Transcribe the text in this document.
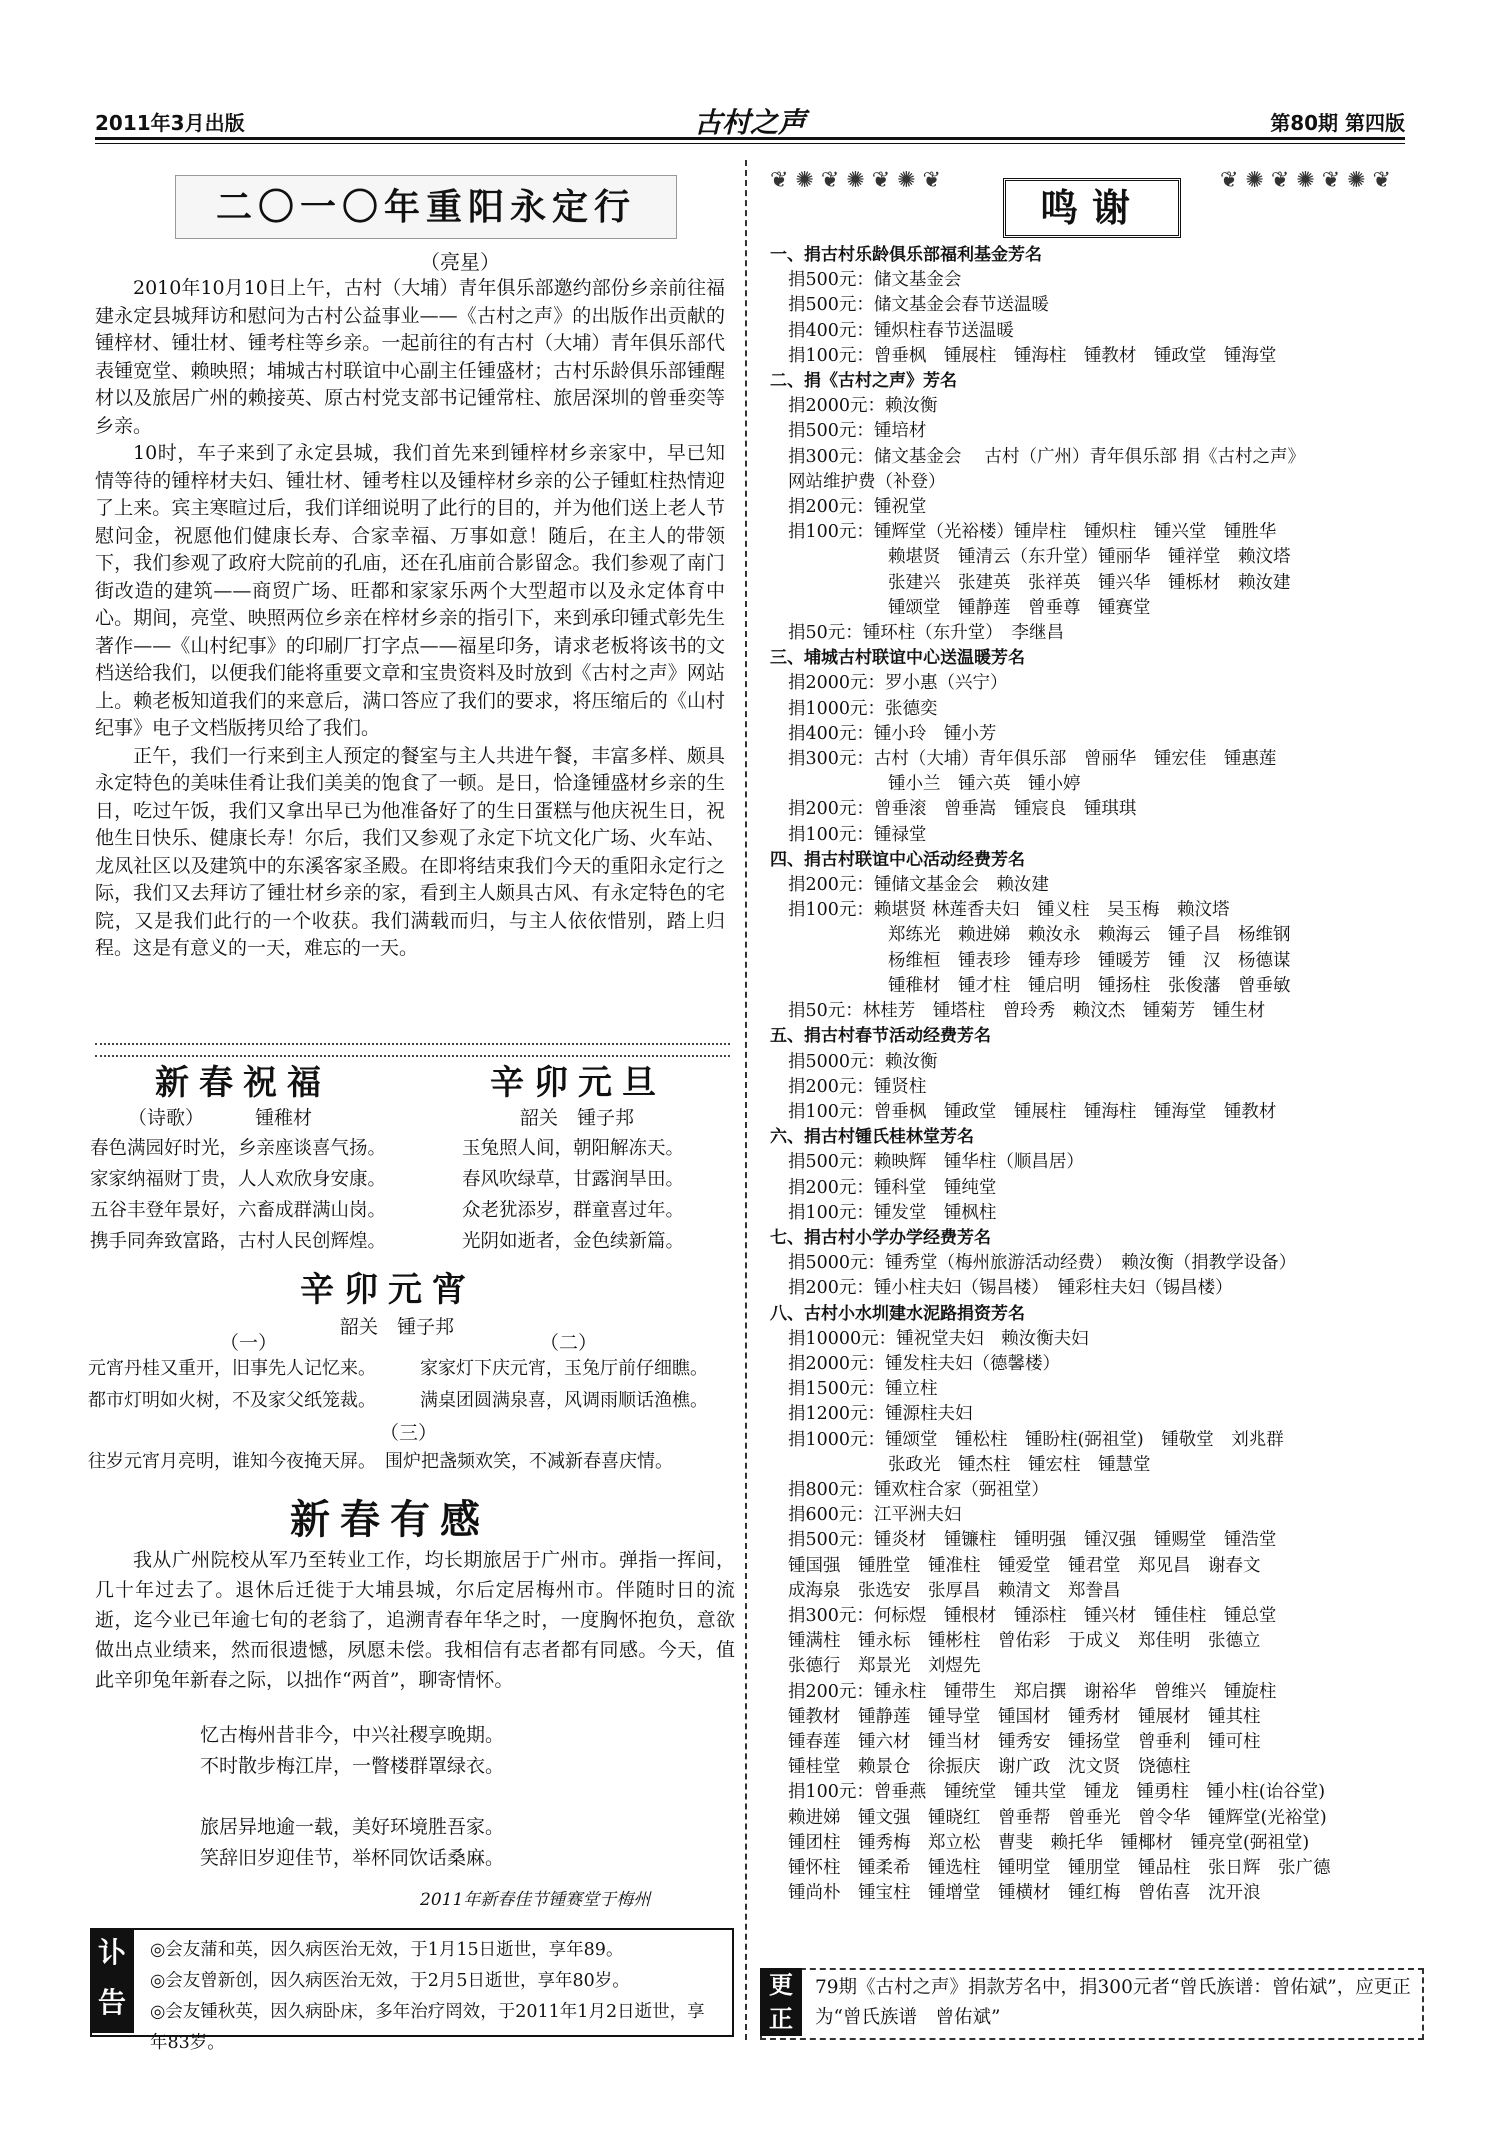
2011年3月出版	古村之声	第80期 第四版
二〇一〇年重阳永定行
（亮星）

2010年10月10日上午，古村（大埔）青年俱乐部邀约部份乡亲前往福建永定县城拜访和慰问为古村公益事业——《古村之声》的出版作出贡献的锺梓材、锺壮材、锺考柱等乡亲。一起前往的有古村（大埔）青年俱乐部代表锺宽堂、赖映照；埔城古村联谊中心副主任锺盛材；古村乐龄俱乐部锺醒材以及旅居广州的赖接英、原古村党支部书记锺常柱、旅居深圳的曾垂奕等乡亲。

10时，车子来到了永定县城，我们首先来到锺梓材乡亲家中，早已知情等待的锺梓材夫妇、锺壮材、锺考柱以及锺梓材乡亲的公子锺虹柱热情迎了上来。宾主寒暄过后，我们详细说明了此行的目的，并为他们送上老人节慰问金，祝愿他们健康长寿、合家幸福、万事如意！随后，在主人的带领下，我们参观了政府大院前的孔庙，还在孔庙前合影留念。我们参观了南门街改造的建筑——商贸广场、旺都和家家乐两个大型超市以及永定体育中心。期间，亮堂、映照两位乡亲在梓材乡亲的指引下，来到承印锺式彰先生著作——《山村纪事》的印刷厂打字点——福星印务，请求老板将该书的文档送给我们，以便我们能将重要文章和宝贵资料及时放到《古村之声》网站上。赖老板知道我们的来意后，满口答应了我们的要求，将压缩后的《山村纪事》电子文档版拷贝给了我们。

正午，我们一行来到主人预定的餐室与主人共进午餐，丰富多样、颇具永定特色的美味佳肴让我们美美的饱食了一顿。是日，恰逢锺盛材乡亲的生日，吃过午饭，我们又拿出早已为他准备好了的生日蛋糕与他庆祝生日，祝他生日快乐、健康长寿！尔后，我们又参观了永定下坑文化广场、火车站、龙凤社区以及建筑中的东溪客家圣殿。在即将结束我们今天的重阳永定行之际，我们又去拜访了锺壮材乡亲的家，看到主人颇具古风、有永定特色的宅院，又是我们此行的一个收获。我们满载而归，与主人依依惜别，踏上归程。这是有意义的一天，难忘的一天。

新春祝福	辛卯元旦
（诗歌）	锺稚材	韶关　锺子邦
春色满园好时光，乡亲座谈喜气扬。
家家纳福财丁贵，人人欢欣身安康。
五谷丰登年景好，六畜成群满山岗。
携手同奔致富路，古村人民创辉煌。
玉兔照人间，朝阳解冻天。
春风吹绿草，甘露润旱田。
众老犹添岁，群童喜过年。
光阴如逝者，金色续新篇。
辛卯元宵
韶关　锺子邦
（一）	（二）
元宵丹桂又重开，旧事先人记忆来。 家家灯下庆元宵，玉兔厅前仔细瞧。
都市灯明如火树，不及家父纸笼裁。 满桌团圆满泉喜，风调雨顺话渔樵。
（三）
往岁元宵月亮明，谁知今夜掩天屏。　围炉把盏频欢笑，不减新春喜庆情。
新春有感

我从广州院校从军乃至转业工作，均长期旅居于广州市。弹指一挥间，几十年过去了。退休后迁徙于大埔县城，尔后定居梅州市。伴随时日的流逝，迄今业已年逾七旬的老翁了，追溯青春年华之时，一度胸怀抱负，意欲做出点业绩来，然而很遗憾，夙愿未偿。我相信有志者都有同感。今天，值此辛卯兔年新春之际，以拙作“两首”，聊寄情怀。

忆古梅州昔非今，中兴社稷享晚期。
不时散步梅江岸，一瞥楼群罩绿衣。
旅居异地逾一载，美好环境胜吾家。
笑辞旧岁迎佳节，举杯同饮话桑麻。
2011年新春佳节锺赛堂于梅州
讣告
◎会友蒲和英，因久病医治无效，于1月15日逝世，享年89。
◎会友曾新创，因久病医治无效，于2月5日逝世，享年80岁。
◎会友锺秋英，因久病卧床，多年治疗罔效，于2011年1月2日逝世，享年83岁。
❦ ✺ ❦ ✺ ❦ ✺ ❦	❦ ✺ ❦ ✺ ❦ ✺ ❦
鸣谢
一、捐古村乐龄俱乐部福利基金芳名
捐500元：储文基金会
捐500元：储文基金会春节送温暖
捐400元：锺炽柱春节送温暖
捐100元：曾垂枫　锺展柱　锺海柱　锺教材　锺政堂　锺海堂
二、捐《古村之声》芳名
捐2000元：赖汝衡
捐500元：锺培材
捐300元：储文基金会　 古村（广州）青年俱乐部 捐《古村之声》
网站维护费（补登）
捐200元：锺祝堂
捐100元：锺辉堂（光裕楼）锺岸柱　锺炽柱　锺兴堂　锺胜华
赖堪贤　锺清云（东升堂）锺丽华　锺祥堂　赖汶塔
张建兴　张建英　张祥英　锺兴华　锺栎材　赖汝建
锺颂堂　锺静莲　曾垂尊　锺赛堂
捐50元：锺环柱（东升堂）　李继昌
三、埔城古村联谊中心送温暖芳名
捐2000元：罗小惠（兴宁）
捐1000元：张德奕
捐400元：锺小玲　锺小芳
捐300元：古村（大埔）青年俱乐部　曾丽华　锺宏佳　锺惠莲
锺小兰　锺六英　锺小婷
捐200元：曾垂滚　曾垂嵩　锺宸良　锺琪琪
捐100元：锺禄堂
四、捐古村联谊中心活动经费芳名
捐200元：锺储文基金会　赖汝建
捐100元：赖堪贤 林莲香夫妇　锺义柱　吴玉梅　赖汶塔
郑练光　赖进娣　赖汝永　赖海云　锺子昌　杨维钢
杨维桓　锺表珍　锺寿珍　锺暖芳　锺　汉　杨德谋
锺稚材　锺才柱　锺启明　锺扬柱　张俊藩　曾垂敏
捐50元：林桂芳　锺塔柱　曾玲秀　赖汶杰　锺菊芳　锺生材
五、捐古村春节活动经费芳名
捐5000元：赖汝衡
捐200元：锺贤柱
捐100元：曾垂枫　锺政堂　锺展柱　锺海柱　锺海堂　锺教材
六、捐古村锺氏桂林堂芳名
捐500元：赖映辉　锺华柱（顺昌居）
捐200元：锺科堂　锺纯堂
捐100元：锺发堂　锺枫柱
七、捐古村小学办学经费芳名
捐5000元：锺秀堂（梅州旅游活动经费）　赖汝衡（捐教学设备）
捐200元：锺小柱夫妇（锡昌楼）　锺彩柱夫妇（锡昌楼）
八、古村小水圳建水泥路捐资芳名
捐10000元：锺祝堂夫妇　赖汝衡夫妇
捐2000元：锺发柱夫妇（德馨楼）
捐1500元：锺立柱
捐1200元：锺源柱夫妇
捐1000元：锺颂堂　锺松柱　锺盼柱(弼祖堂)　锺敬堂　刘兆群
张政光　锺杰柱　锺宏柱　锺慧堂
捐800元：锺欢柱合家（弼祖堂）
捐600元：江平洲夫妇
捐500元：锺炎材　锺镰柱　锺明强　锺汉强　锺赐堂　锺浩堂
锺国强　锺胜堂　锺准柱　锺爱堂　锺君堂　郑见昌　谢春文
成海泉　张选安　张厚昌　赖清文　郑誊昌
捐300元：何标煜　锺根材　锺添柱　锺兴材　锺佳柱　锺总堂
锺满柱　锺永标　锺彬柱　曾佑彩　于成义　郑佳明　张德立
张德行　郑景光　刘煜先
捐200元：锺永柱　锺带生　郑启撰　谢裕华　曾维兴　锺旋柱
锺教材　锺静莲　锺导堂　锺国材　锺秀材　锺展材　锺其柱
锺春莲　锺六材　锺当材　锺秀安　锺扬堂　曾垂利　锺可柱
锺桂堂　赖景仓　徐振庆　谢广政　沈文贤　饶德柱
捐100元：曾垂燕　锺统堂　锺共堂　锺龙　锺勇柱　锺小柱(诒谷堂)
赖进娣　锺文强　锺晓红　曾垂帮　曾垂光　曾令华　锺辉堂(光裕堂)
锺团柱　锺秀梅　郑立松　曹斐　赖托华　锺椰材　锺亮堂(弼祖堂)
锺怀柱　锺柔希　锺选柱　锺明堂　锺朋堂　锺品柱　张日辉　张广德
锺尚朴　锺宝柱　锺增堂　锺横材　锺红梅　曾佑喜　沈开浪
更正
79期《古村之声》捐款芳名中，捐300元者“曾氏族谱：曾佑斌”，应更正为“曾氏族谱　曾佑斌”
